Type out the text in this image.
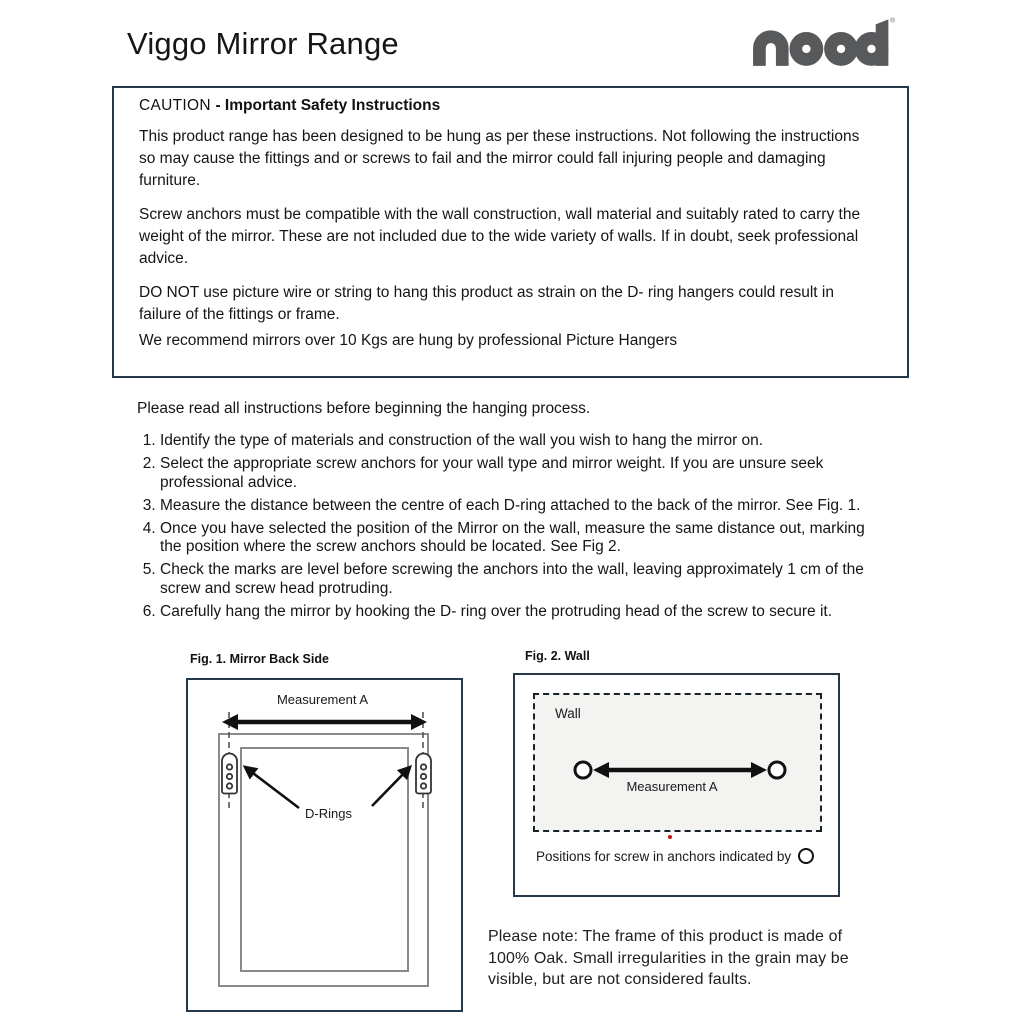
Viggo Mirror Range
®
CAUTION - Important Safety Instructions

This product range has been designed to be hung as per these instructions. Not following the instructions so may cause the fittings and or screws to fail and the mirror could fall injuring people and damaging furniture.

Screw anchors must be compatible with the wall construction, wall material and suitably rated to carry the weight of the mirror. These are not included due to the wide variety of walls. If in doubt, seek professional advice.

DO NOT use picture wire or string to hang this product as strain on the D- ring hangers could result in failure of the fittings or frame.

We recommend mirrors over 10 Kgs are hung by professional Picture Hangers

Please read all instructions before beginning the hanging process.
1. Identify the type of materials and construction of the wall you wish to hang the mirror on.
2. Select the appropriate screw anchors for your wall type and mirror weight. If you are unsure seek professional advice.
3. Measure the distance between the centre of each D-ring attached to the back of the mirror. See Fig. 1.
4. Once you have selected the position of the Mirror on the wall, measure the same distance out, marking the position where the screw anchors should be located. See Fig 2.
5. Check the marks are level before screwing the anchors into the wall, leaving approximately 1 cm of the screw and screw head protruding.
6. Carefully hang the mirror by hooking the D- ring over the protruding head of the screw to secure it.
Fig. 1. Mirror Back Side
Measurement A
D-Rings
Fig. 2. Wall
Wall
Measurement A
Positions for screw in anchors indicated by
Please note: The frame of this product is made of 100% Oak. Small irregularities in the grain may be visible, but are not considered faults.
